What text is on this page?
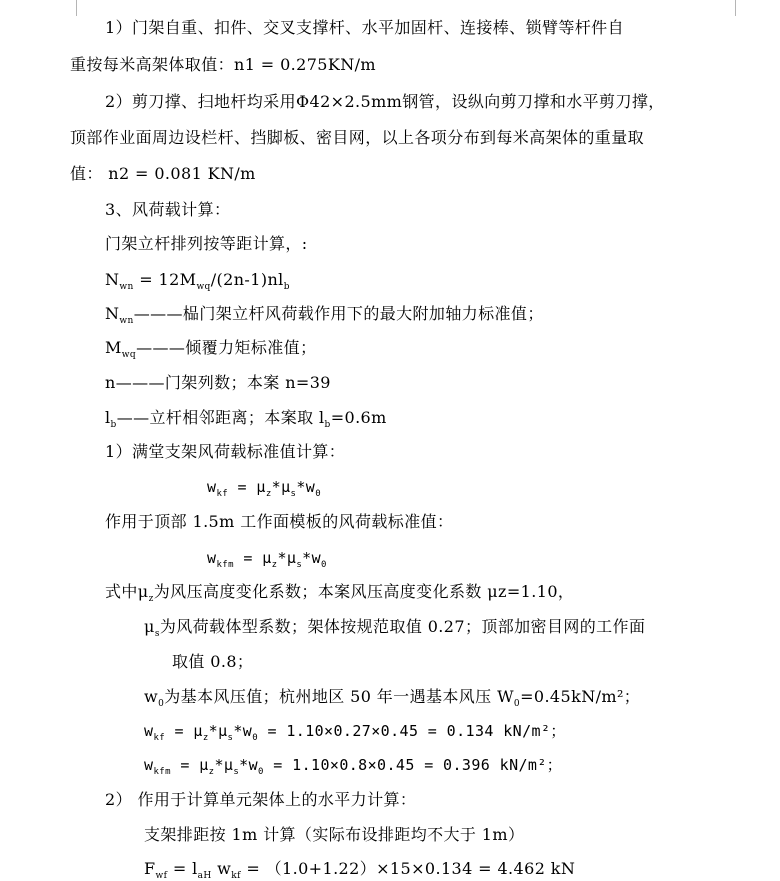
1）门架自重、扣件、交叉支撑杆、水平加固杆、连接棒、锁臂等杆件自
重按每米高架体取值：n1 = 0.275KN/m
2）剪刀撑、扫地杆均采用Φ42×2.5mm钢管，设纵向剪刀撑和水平剪刀撑，
顶部作业面周边设栏杆、挡脚板、密目网，以上各项分布到每米高架体的重量取
值： n2 = 0.081 KN/m
3、风荷载计算：
门架立杆排列按等距计算，:
$N_{wn} = 12M_{wq}/(2n-1)nl_b$
$N_{wn}———$榀门架立杆风荷载作用下的最大附加轴力标准值；
$M_{wq}———$倾覆力矩标准值；
n———门架列数；本案 n=39
$l_b——$立杆相邻距离；本案取 $l_b=0.6m$
1）满堂支架风荷载标准值计算：
$w_{kf} = \mu_z*\mu_s*w_0$
作用于顶部 1.5m 工作面模板的风荷载标准值：
$w_{kfm} = \mu_z*\mu_s*w_0$
式中$\mu_z$为风压高度变化系数；本案风压高度变化系数 μz=1.10，
$\mu_s$为风荷载体型系数；架体按规范取值 0.27；顶部加密目网的工作面
取值 0.8；
$w_0$为基本风压值；杭州地区 50 年一遇基本风压 $W_0=0.45kN/m^2$；
$w_{kf} = \mu_z*\mu_s*w_0 = 1.10\times 0.27\times 0.45 = 0.134$ kN/m²；
$w_{kfm} = \mu_z*\mu_s*w_0 = 1.10\times 0.8\times 0.45 = 0.396$ kN/m²；
2） 作用于计算单元架体上的水平力计算：
支架排距按 1m 计算（实际布设排距均不大于 1m）
$F_{wf} = l_{aH}$ $w_{kf} = (1.0+1.22)\times 15\times 0.134 = 4.462$ kN
